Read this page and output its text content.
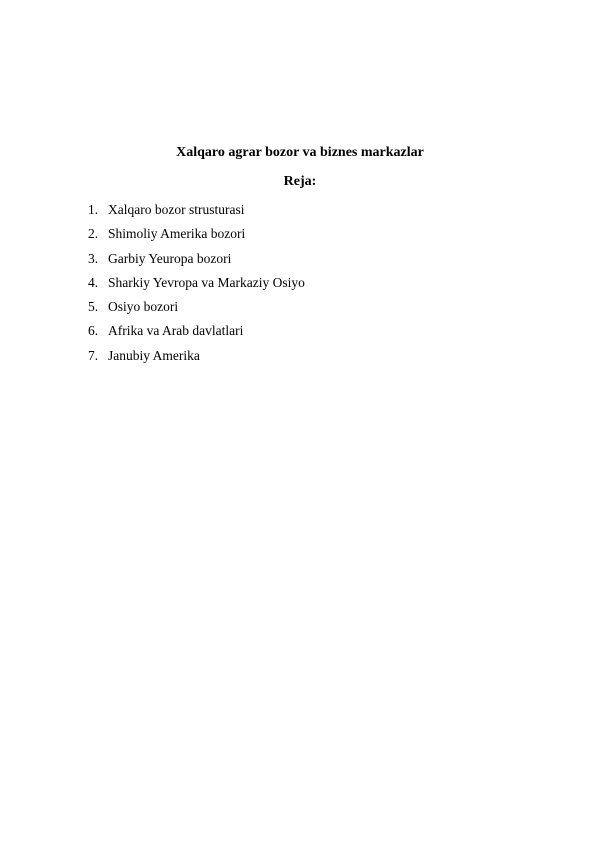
Xalqaro agrar bozor va biznes markazlar
Reja:
1. Xalqaro bozor strusturasi
2. Shimoliy Amerika bozori
3. Garbiy Yeuropa bozori
4. Sharkiy Yevropa va Markaziy Osiyo
5. Osiyo bozori
6. Afrika va Arab davlatlari
7. Janubiy Amerika
